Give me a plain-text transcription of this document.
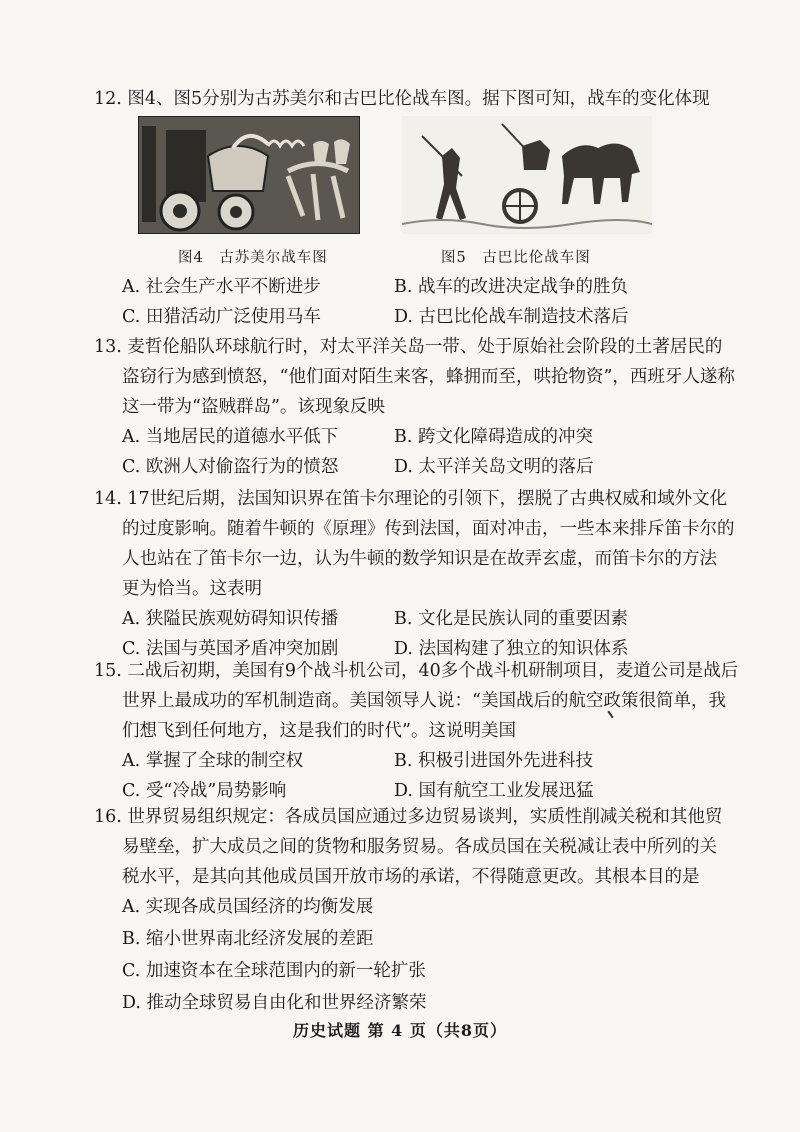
12. 图4、图5分别为古苏美尔和古巴比伦战车图。据下图可知，战车的变化体现
图4　古苏美尔战车图	图5　古巴比伦战车图
A. 社会生产水平不断进步	B. 战车的改进决定战争的胜负
C. 田猎活动广泛使用马车	D. 古巴比伦战车制造技术落后
13. 麦哲伦船队环球航行时，对太平洋关岛一带、处于原始社会阶段的土著居民的
盗窃行为感到愤怒，“他们面对陌生来客，蜂拥而至，哄抢物资”，西班牙人遂称
这一带为“盗贼群岛”。该现象反映
A. 当地居民的道德水平低下	B. 跨文化障碍造成的冲突
C. 欧洲人对偷盗行为的愤怒	D. 太平洋关岛文明的落后
14. 17世纪后期，法国知识界在笛卡尔理论的引领下，摆脱了古典权威和域外文化
的过度影响。随着牛顿的《原理》传到法国，面对冲击，一些本来排斥笛卡尔的
人也站在了笛卡尔一边，认为牛顿的数学知识是在故弄玄虚，而笛卡尔的方法
更为恰当。这表明
A. 狭隘民族观妨碍知识传播	B. 文化是民族认同的重要因素
C. 法国与英国矛盾冲突加剧	D. 法国构建了独立的知识体系
15. 二战后初期，美国有9个战斗机公司，40多个战斗机研制项目，麦道公司是战后
世界上最成功的军机制造商。美国领导人说：“美国战后的航空政策很简单，我
们想飞到任何地方，这是我们的时代”。这说明美国
A. 掌握了全球的制空权	B. 积极引进国外先进科技
C. 受“冷战”局势影响	D. 国有航空工业发展迅猛
16. 世界贸易组织规定：各成员国应通过多边贸易谈判，实质性削减关税和其他贸
易壁垒，扩大成员之间的货物和服务贸易。各成员国在关税减让表中所列的关
税水平，是其向其他成员国开放市场的承诺，不得随意更改。其根本目的是
A. 实现各成员国经济的均衡发展
B. 缩小世界南北经济发展的差距
C. 加速资本在全球范围内的新一轮扩张
D. 推动全球贸易自由化和世界经济繁荣
历史试题 第 4 页（共8页）
